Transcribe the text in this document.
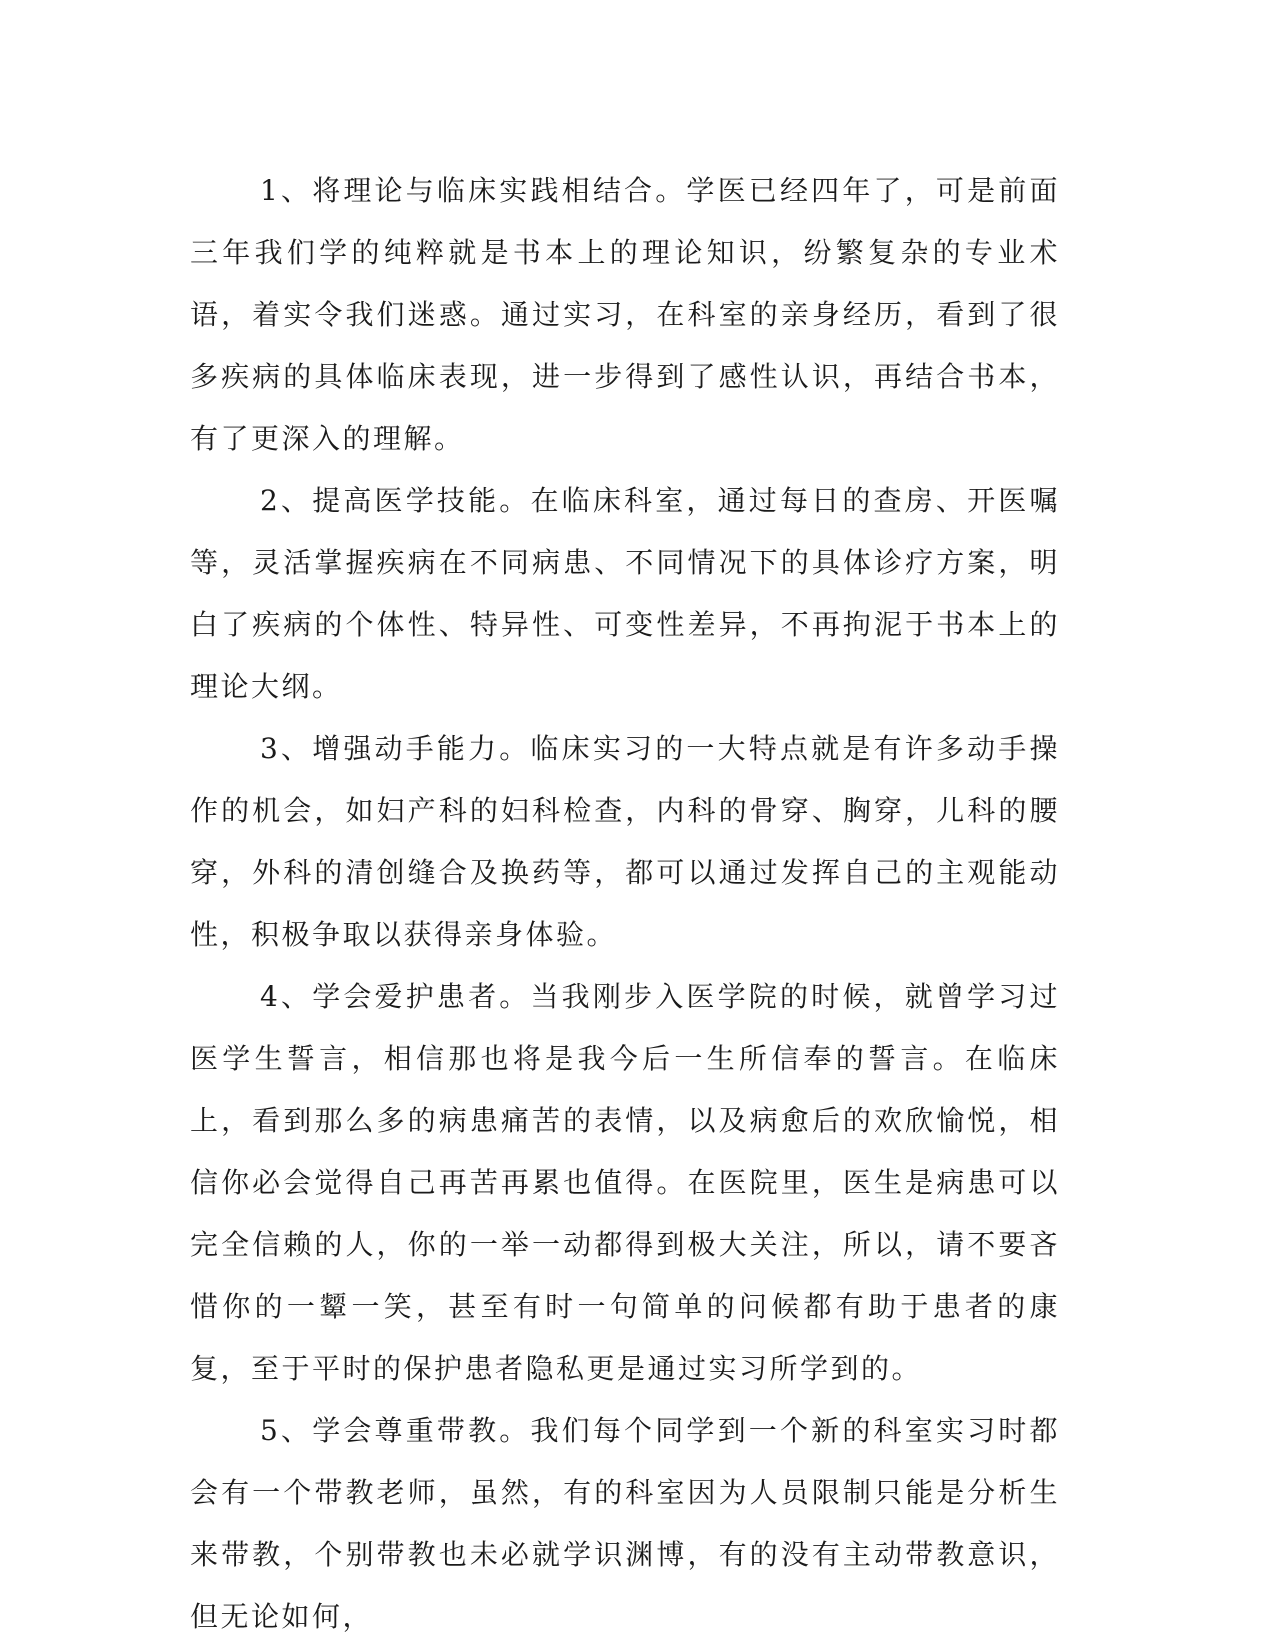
1、将理论与临床实践相结合。学医已经四年了，可是前面三年我们学的纯粹就是书本上的理论知识，纷繁复杂的专业术语，着实令我们迷惑。通过实习，在科室的亲身经历，看到了很多疾病的具体临床表现，进一步得到了感性认识，再结合书本，有了更深入的理解。

2、提高医学技能。在临床科室，通过每日的查房、开医嘱等，灵活掌握疾病在不同病患、不同情况下的具体诊疗方案，明白了疾病的个体性、特异性、可变性差异，不再拘泥于书本上的理论大纲。

3、增强动手能力。临床实习的一大特点就是有许多动手操作的机会，如妇产科的妇科检查，内科的骨穿、胸穿，儿科的腰穿，外科的清创缝合及换药等，都可以通过发挥自己的主观能动性，积极争取以获得亲身体验。

4、学会爱护患者。当我刚步入医学院的时候，就曾学习过医学生誓言，相信那也将是我今后一生所信奉的誓言。在临床上，看到那么多的病患痛苦的表情，以及病愈后的欢欣愉悦，相信你必会觉得自己再苦再累也值得。在医院里，医生是病患可以完全信赖的人，你的一举一动都得到极大关注，所以，请不要吝惜你的一颦一笑，甚至有时一句简单的问候都有助于患者的康复，至于平时的保护患者隐私更是通过实习所学到的。

5、学会尊重带教。我们每个同学到一个新的科室实习时都会有一个带教老师，虽然，有的科室因为人员限制只能是分析生来带教，个别带教也未必就学识渊博，有的没有主动带教意识，但无论如何，
